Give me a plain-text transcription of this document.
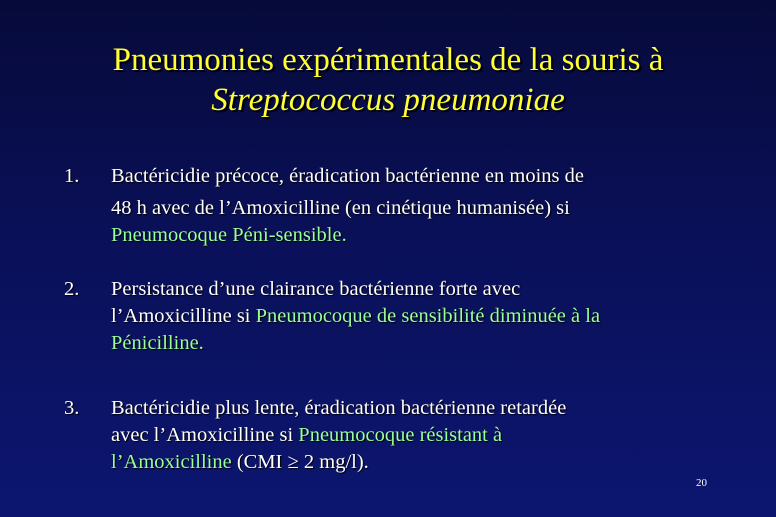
Pneumonies expérimentales de la souris à
Streptococcus pneumoniae
1.	Bactéricidie précoce, éradication bactérienne en moins de
48 h avec de l’Amoxicilline (en cinétique humanisée) si
Pneumocoque Péni-sensible.
2.	Persistance d’une clairance bactérienne forte avec
l’Amoxicilline si Pneumocoque de sensibilité diminuée à la
Pénicilline.
3.	Bactéricidie plus lente, éradication bactérienne retardée
avec l’Amoxicilline si Pneumocoque résistant à
l’Amoxicilline (CMI ≥ 2 mg/l).
20
